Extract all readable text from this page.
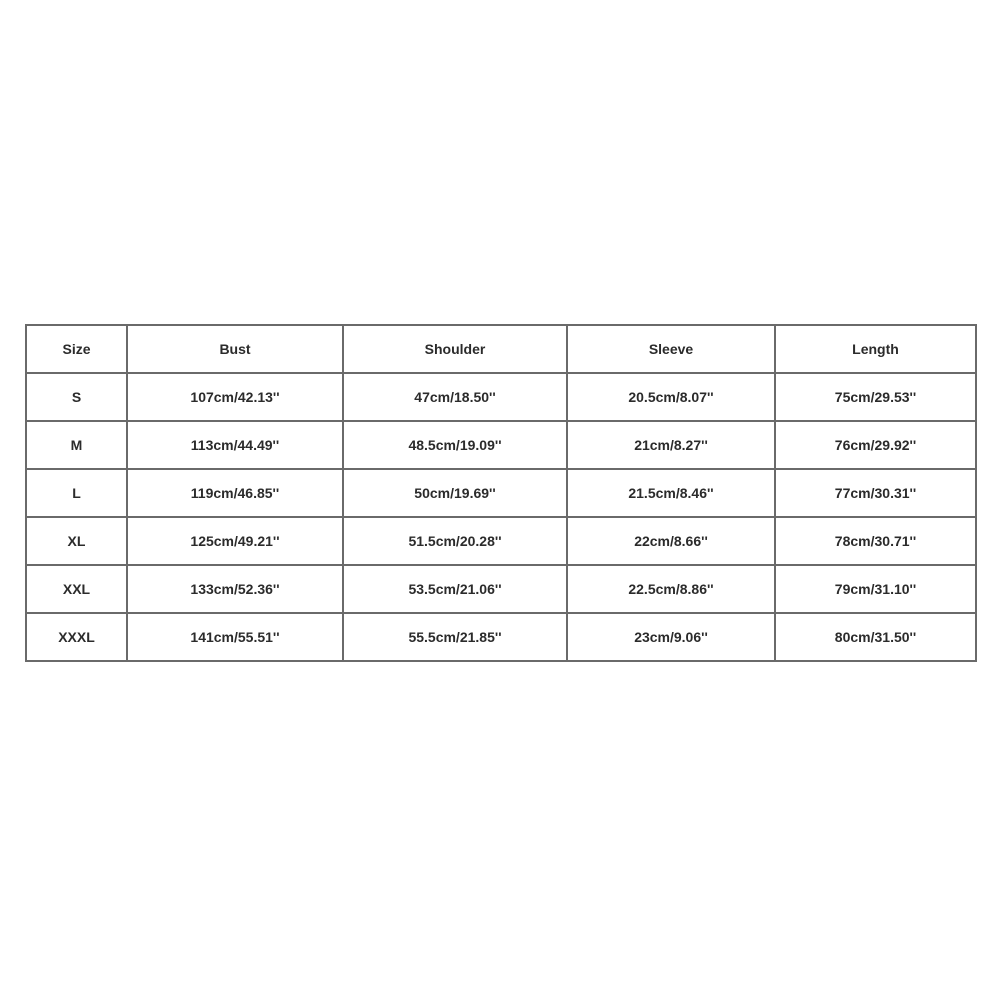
Size	Bust	Shoulder	Sleeve	Length
S	107cm/42.13''	47cm/18.50''	20.5cm/8.07''	75cm/29.53''
M	113cm/44.49''	48.5cm/19.09''	21cm/8.27''	76cm/29.92''
L	119cm/46.85''	50cm/19.69''	21.5cm/8.46''	77cm/30.31''
XL	125cm/49.21''	51.5cm/20.28''	22cm/8.66''	78cm/30.71''
XXL	133cm/52.36''	53.5cm/21.06''	22.5cm/8.86''	79cm/31.10''
XXXL	141cm/55.51''	55.5cm/21.85''	23cm/9.06''	80cm/31.50''
